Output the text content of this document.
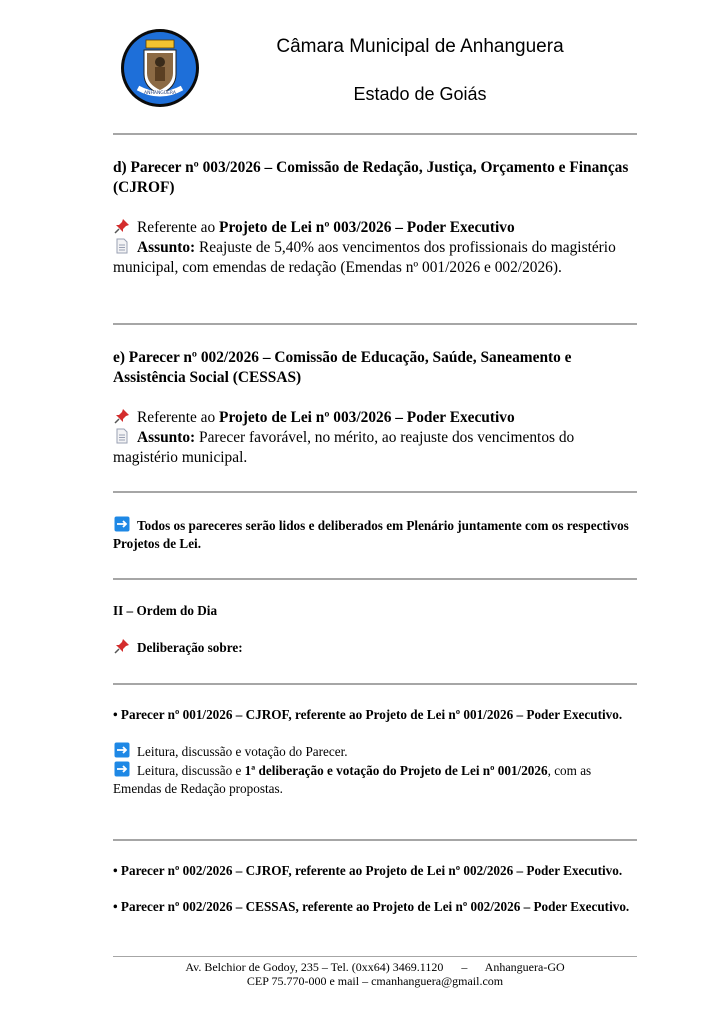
ANHANGUERA
Câmara Municipal de Anhanguera
Estado de Goiás

d) Parecer nº 003/2026 – Comissão de Redação, Justiça, Orçamento e Finanças (CJROF)

Referente ao Projeto de Lei nº 003/2026 – Poder Executivo

Assunto: Reajuste de 5,40% aos vencimentos dos profissionais do magistério municipal, com emendas de redação (Emendas nº 001/2026 e 002/2026).

e) Parecer nº 002/2026 – Comissão de Educação, Saúde, Saneamento e Assistência Social (CESSAS)

Referente ao Projeto de Lei nº 003/2026 – Poder Executivo

Assunto: Parecer favorável, no mérito, ao reajuste dos vencimentos do magistério municipal.

Todos os pareceres serão lidos e deliberados em Plenário juntamente com os respectivos Projetos de Lei.

II – Ordem do Dia

Deliberação sobre:

• Parecer nº 001/2026 – CJROF, referente ao Projeto de Lei nº 001/2026 – Poder Executivo.

Leitura, discussão e votação do Parecer.

Leitura, discussão e 1ª deliberação e votação do Projeto de Lei nº 001/2026, com as Emendas de Redação propostas.

• Parecer nº 002/2026 – CJROF, referente ao Projeto de Lei nº 002/2026 – Poder Executivo.

• Parecer nº 002/2026 – CESSAS, referente ao Projeto de Lei nº 002/2026 – Poder Executivo.

Av. Belchior de Godoy, 235 – Tel. (0xx64) 3469.1120      –      Anhanguera-GO
CEP 75.770-000 e mail – cmanhanguera@gmail.com
